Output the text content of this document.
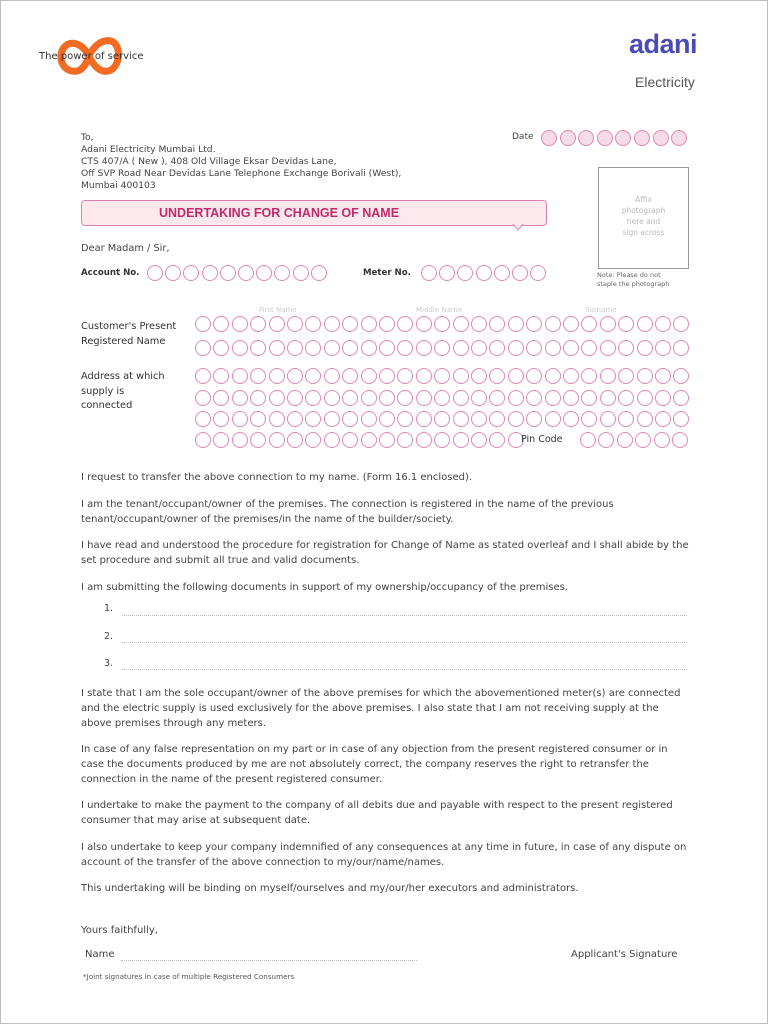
The power of service	adani
Electricity
To,
Adani Electricity Mumbai Ltd.
CTS 407/A ( New ), 408 Old Village Eksar Devidas Lane,
Off SVP Road Near Devidas Lane Telephone Exchange Borivali (West),
Mumbai 400103
Date
UNDERTAKING FOR CHANGE OF NAME
Affix
photograph
here and
sign across
Note: Please do not
staple the photograph
Dear Madam / Sir,
Account No.	Meter No.
First Name	Middle Name	Surname
Customer's Present
Registered Name
Address at which
supply is
connected
Pin Code
I request to transfer the above connection to my name. (Form 16.1 enclosed).
I am the tenant/occupant/owner of the premises. The connection is registered in the name of the previous tenant/occupant/owner of the premises/in the name of the builder/society.
I have read and understood the procedure for registration for Change of Name as stated overleaf and I shall abide by the set procedure and submit all true and valid documents.
I am submitting the following documents in support of my ownership/occupancy of the premises.
1.
2.
3.
I state that I am the sole occupant/owner of the above premises for which the abovementioned meter(s) are connected and the electric supply is used exclusively for the above premises. I also state that I am not receiving supply at the above premises through any meters.
In case of any false representation on my part or in case of any objection from the present registered consumer or in case the documents produced by me are not absolutely correct, the company reserves the right to retransfer the connection in the name of the present registered consumer.
I undertake to make the payment to the company of all debits due and payable with respect to the present registered consumer that may arise at subsequent date.
I also undertake to keep your company indemnified of any consequences at any time in future, in case of any dispute on account of the transfer of the above connection to my/our/name/names.
This undertaking will be binding on myself/ourselves and my/our/her executors and administrators.
Yours faithfully,
Name	Applicant's Signature
*Joint signatures in case of multiple Registered Consumers
